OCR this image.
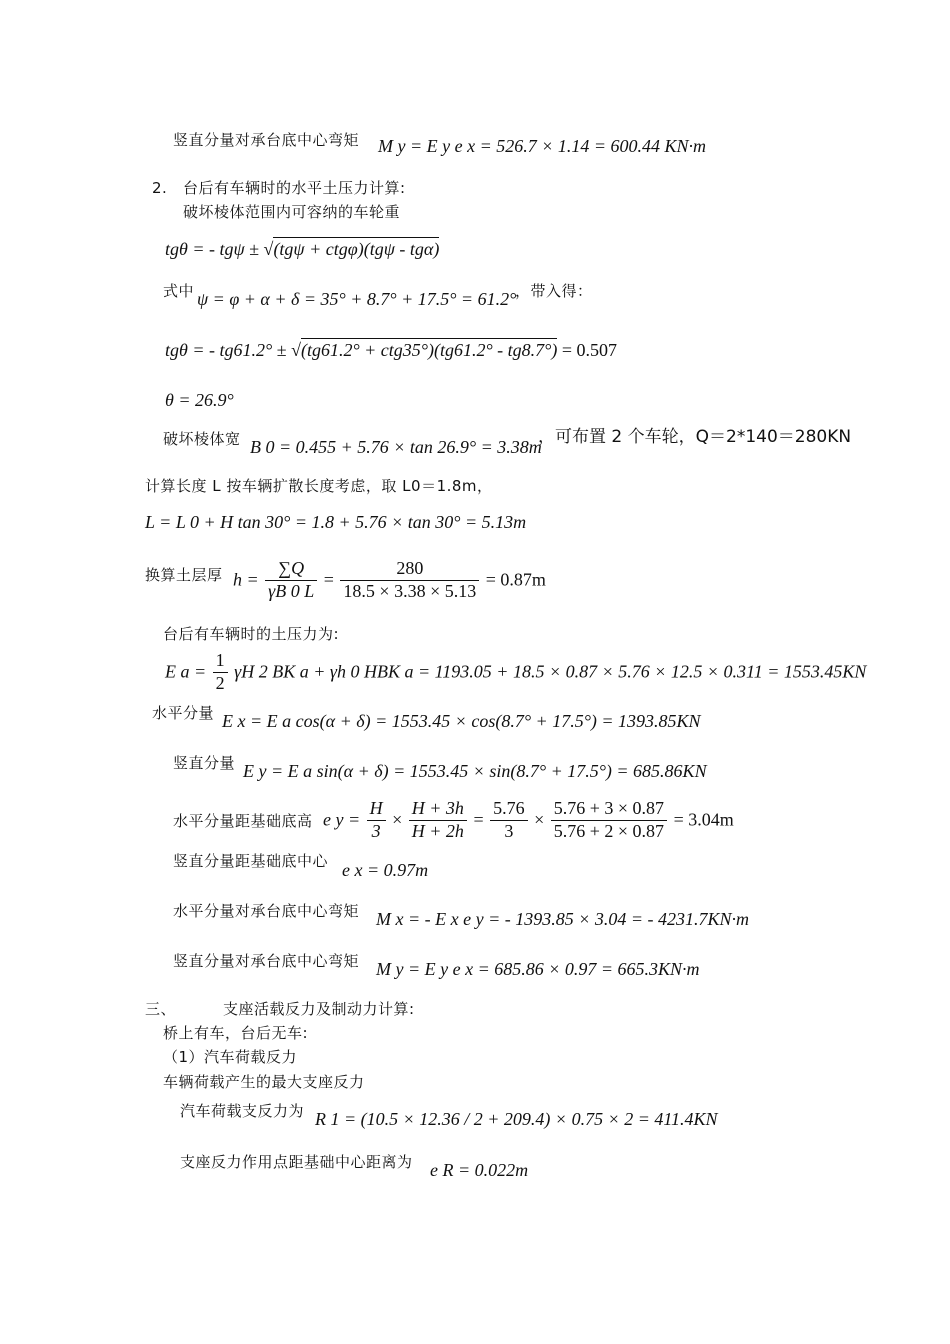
竖直分量对承台底中心弯矩 M y = E y e x = 526.7 × 1.14 = 600.44 KN·m
2. 台后有车辆时的水平土压力计算:
破坏棱体范围内可容纳的车轮重
tgθ = - tgψ ± √(tgψ + ctgφ)(tgψ - tgα)
式中 ψ = φ + α + δ = 35° + 8.7° + 17.5° = 61.2°
，带入得：
tgθ = - tg61.2° ± √(tg61.2° + ctg35°)(tg61.2° - tg8.7°) = 0.507
θ = 26.9°
破坏棱体宽 B 0 = 0.455 + 5.76 × tan 26.9° = 3.38m
，可布置 2 个车轮，Q＝2*140＝280KN
计算长度 L 按车辆扩散长度考虑，取 L0＝1.8m，
L = L 0 + H tan 30° = 1.8 + 5.76 × tan 30° = 5.13m
换算土层厚 $h = \frac{\sum Q}{\gamma B 0 L} = \frac{280}{18.5 \times 3.38 \times 5.13} = 0.87m$
台后有车辆时的土压力为:
E $a = \frac{1}{2}$ γH 2 BK a + γh 0 HBK a = 1193.05 + 18.5 × 0.87 × 5.76 × 12.5 × 0.311 = 1553.45KN
水平分量 E x = E a cos(α + δ) = 1553.45 × cos(8.7° + 17.5°) = 1393.85KN
竖直分量 E y = E a sin(α + δ) = 1553.45 × sin(8.7° + 17.5°) = 685.86KN
水平分量距基础底高 e $y = \frac{H}{3} \times \frac{H + 3h}{H + 2h} = \frac{5.76}{3} \times \frac{5.76 + 3 \times 0.87}{5.76 + 2 \times 0.87} = 3.04m$
竖直分量距基础底中心 e x = 0.97m
水平分量对承台底中心弯矩 M x = - E x e y = - 1393.85 × 3.04 = - 4231.7KN·m
竖直分量对承台底中心弯矩 M y = E y e x = 685.86 × 0.97 = 665.3KN·m
三、	支座活载反力及制动力计算:
桥上有车，台后无车:
（1）汽车荷载反力
车辆荷载产生的最大支座反力
汽车荷载支反力为 R 1 = (10.5 × 12.36 / 2 + 209.4) × 0.75 × 2 = 411.4KN
支座反力作用点距基础中心距离为 e R = 0.022m
